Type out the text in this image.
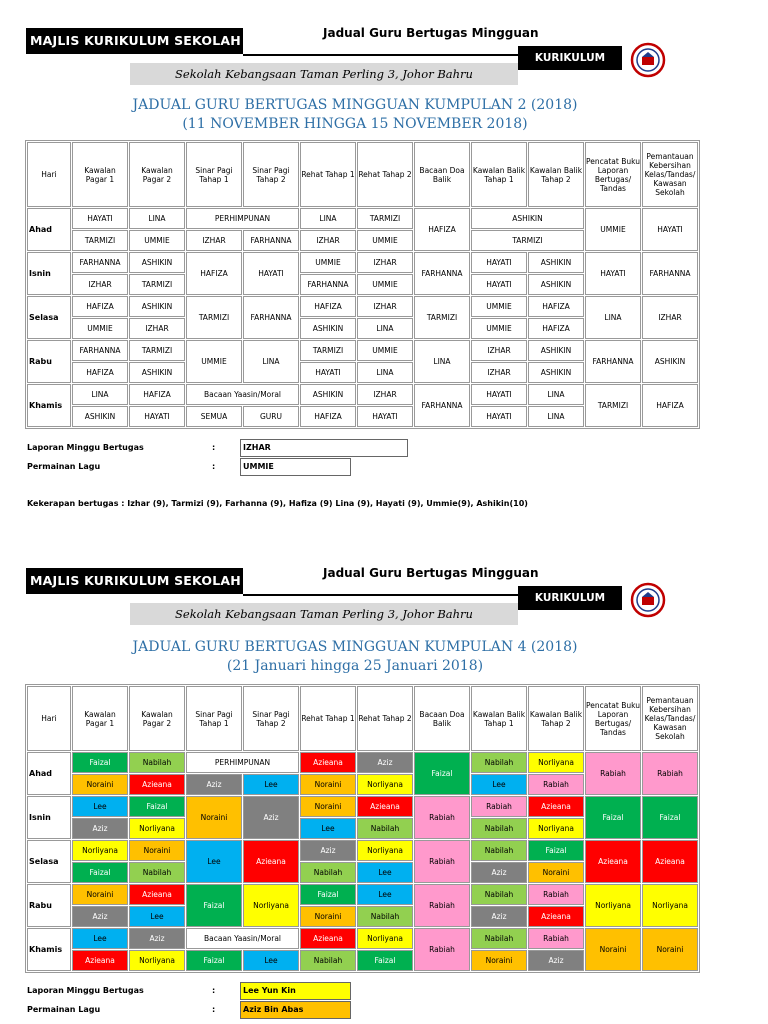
MAJLIS KURIKULUM SEKOLAH	Jadual Guru Bertugas Mingguan
KURIKULUM
Sekolah Kebangsaan Taman Perling 3, Johor Bahru
JADUAL GURU BERTUGAS MINGGUAN KUMPULAN 2 (2018)
(11 NOVEMBER HINGGA 15 NOVEMBER 2018)
Hari	Kawalan Pagar 1	Kawalan Pagar 2	Sinar Pagi Tahap 1	Sinar Pagi Tahap 2	Rehat Tahap 1	Rehat Tahap 2	Bacaan Doa Balik	Kawalan Balik Tahap 1	Kawalan Balik Tahap 2	Pencatat Buku Laporan Bertugas/ Tandas	Pemantauan Kebersihan Kelas/Tandas/ Kawasan Sekolah
Ahad	HAYATI	LINA	PERHIMPUNAN		LINA	TARMIZI	HAFIZA	ASHIKIN		UMMIE	HAYATI
	TARMIZI	UMMIE	IZHAR	FARHANNA	IZHAR	UMMIE		TARMIZI			
Isnin	FARHANNA	ASHIKIN	HAFIZA	HAYATI	UMMIE	IZHAR	FARHANNA	HAYATI	ASHIKIN	HAYATI	FARHANNA
	IZHAR	TARMIZI			FARHANNA	UMMIE		HAYATI	ASHIKIN		
Selasa	HAFIZA	ASHIKIN	TARMIZI	FARHANNA	HAFIZA	IZHAR	TARMIZI	UMMIE	HAFIZA	LINA	IZHAR
	UMMIE	IZHAR			ASHIKIN	LINA		UMMIE	HAFIZA		
Rabu	FARHANNA	TARMIZI	UMMIE	LINA	TARMIZI	UMMIE	LINA	IZHAR	ASHIKIN	FARHANNA	ASHIKIN
	HAFIZA	ASHIKIN			HAYATI	LINA		IZHAR	ASHIKIN		
Khamis	LINA	HAFIZA	Bacaan Yaasin/Moral		ASHIKIN	IZHAR	FARHANNA	HAYATI	LINA	TARMIZI	HAFIZA
	ASHIKIN	HAYATI	SEMUA	GURU	HAFIZA	HAYATI		HAYATI	LINA		
Laporan Minggu Bertugas	:	IZHAR
Permainan Lagu	:	UMMIE
Kekerapan bertugas : Izhar (9), Tarmizi (9), Farhanna (9), Hafiza (9) Lina (9), Hayati (9), Ummie(9), Ashikin(10)
MAJLIS KURIKULUM SEKOLAH	Jadual Guru Bertugas Mingguan
KURIKULUM
Sekolah Kebangsaan Taman Perling 3, Johor Bahru
JADUAL GURU BERTUGAS MINGGUAN KUMPULAN 4 (2018)
(21 Januari hingga 25 Januari 2018)
Hari	Kawalan Pagar 1	Kawalan Pagar 2	Sinar Pagi Tahap 1	Sinar Pagi Tahap 2	Rehat Tahap 1	Rehat Tahap 2	Bacaan Doa Balik	Kawalan Balik Tahap 1	Kawalan Balik Tahap 2	Pencatat Buku Laporan Bertugas/ Tandas	Pemantauan Kebersihan Kelas/Tandas/ Kawasan Sekolah
Ahad	Faizal	Nabilah	PERHIMPUNAN		Azieana	Aziz	Faizal	Nabilah	Norliyana	Rabiah	Rabiah
	Noraini	Azieana	Aziz	Lee	Noraini	Norliyana		Lee	Rabiah		
Isnin	Lee	Faizal	Noraini	Aziz	Noraini	Azieana	Rabiah	Rabiah	Azieana	Faizal	Faizal
	Aziz	Norliyana			Lee	Nabilah		Nabilah	Norliyana		
Selasa	Norliyana	Noraini	Lee	Azieana	Aziz	Norliyana	Rabiah	Nabilah	Faizal	Azieana	Azieana
	Faizal	Nabilah			Nabilah	Lee		Aziz	Noraini		
Rabu	Noraini	Azieana	Faizal	Norliyana	Faizal	Lee	Rabiah	Nabilah	Rabiah	Norliyana	Norliyana
	Aziz	Lee			Noraini	Nabilah		Aziz	Azieana		
Khamis	Lee	Aziz	Bacaan Yaasin/Moral		Azieana	Norliyana	Rabiah	Nabilah	Rabiah	Noraini	Noraini
	Azieana	Norliyana	Faizal	Lee	Nabilah	Faizal		Noraini	Aziz		
Laporan Minggu Bertugas	:	Lee Yun Kin
Permainan Lagu	:	Aziz Bin Abas
